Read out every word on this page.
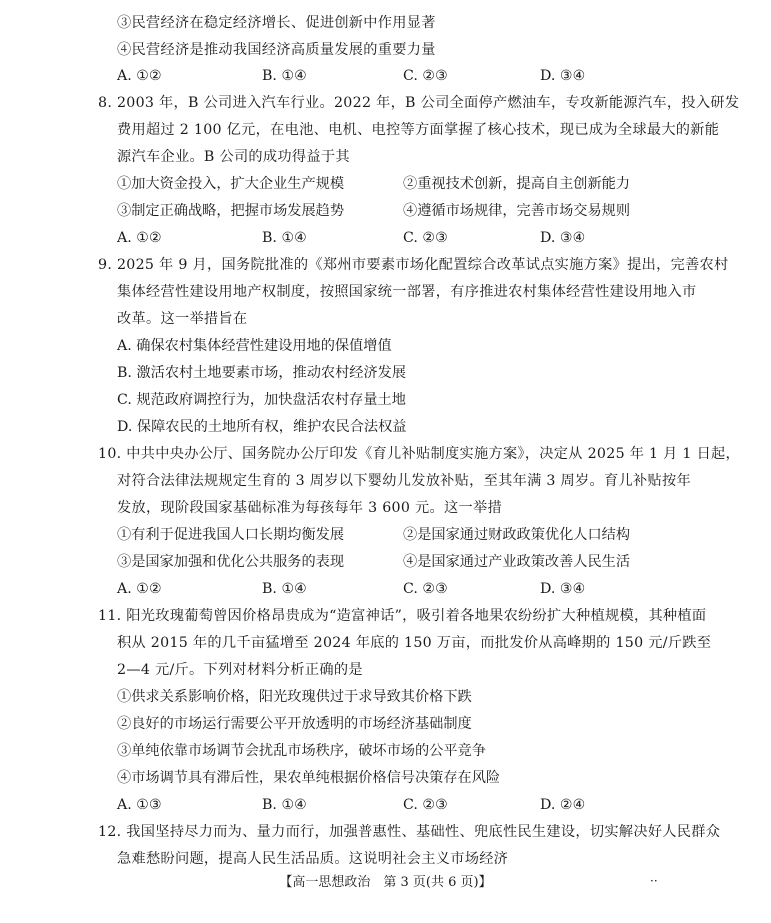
③民营经济在稳定经济增长、促进创新中作用显著
④民营经济是推动我国经济高质量发展的重要力量
A. ①②	B. ①④	C. ②③	D. ③④
8. 2003 年，B 公司进入汽车行业。2022 年，B 公司全面停产燃油车，专攻新能源汽车，投入研发
费用超过 2 100 亿元，在电池、电机、电控等方面掌握了核心技术，现已成为全球最大的新能
源汽车企业。B 公司的成功得益于其
①加大资金投入，扩大企业生产规模	②重视技术创新，提高自主创新能力
③制定正确战略，把握市场发展趋势	④遵循市场规律，完善市场交易规则
A. ①②	B. ①④	C. ②③	D. ③④
9. 2025 年 9 月，国务院批准的《郑州市要素市场化配置综合改革试点实施方案》提出，完善农村
集体经营性建设用地产权制度，按照国家统一部署，有序推进农村集体经营性建设用地入市
改革。这一举措旨在
A. 确保农村集体经营性建设用地的保值增值
B. 激活农村土地要素市场，推动农村经济发展
C. 规范政府调控行为，加快盘活农村存量土地
D. 保障农民的土地所有权，维护农民合法权益
10. 中共中央办公厅、国务院办公厅印发《育儿补贴制度实施方案》，决定从 2025 年 1 月 1 日起，
对符合法律法规规定生育的 3 周岁以下婴幼儿发放补贴，至其年满 3 周岁。育儿补贴按年
发放，现阶段国家基础标准为每孩每年 3 600 元。这一举措
①有利于促进我国人口长期均衡发展	②是国家通过财政政策优化人口结构
③是国家加强和优化公共服务的表现	④是国家通过产业政策改善人民生活
A. ①②	B. ①④	C. ②③	D. ③④
11. 阳光玫瑰葡萄曾因价格昂贵成为“造富神话”，吸引着各地果农纷纷扩大种植规模，其种植面
积从 2015 年的几千亩猛增至 2024 年底的 150 万亩，而批发价从高峰期的 150 元/斤跌至
2—4 元/斤。下列对材料分析正确的是
①供求关系影响价格，阳光玫瑰供过于求导致其价格下跌
②良好的市场运行需要公平开放透明的市场经济基础制度
③单纯依靠市场调节会扰乱市场秩序，破坏市场的公平竞争
④市场调节具有滞后性，果农单纯根据价格信号决策存在风险
A. ①③	B. ①④	C. ②③	D. ②④
12. 我国坚持尽力而为、量力而行，加强普惠性、基础性、兜底性民生建设，切实解决好人民群众
急难愁盼问题，提高人民生活品质。这说明社会主义市场经济
【高一思想政治　第 3 页(共 6 页)】	··
